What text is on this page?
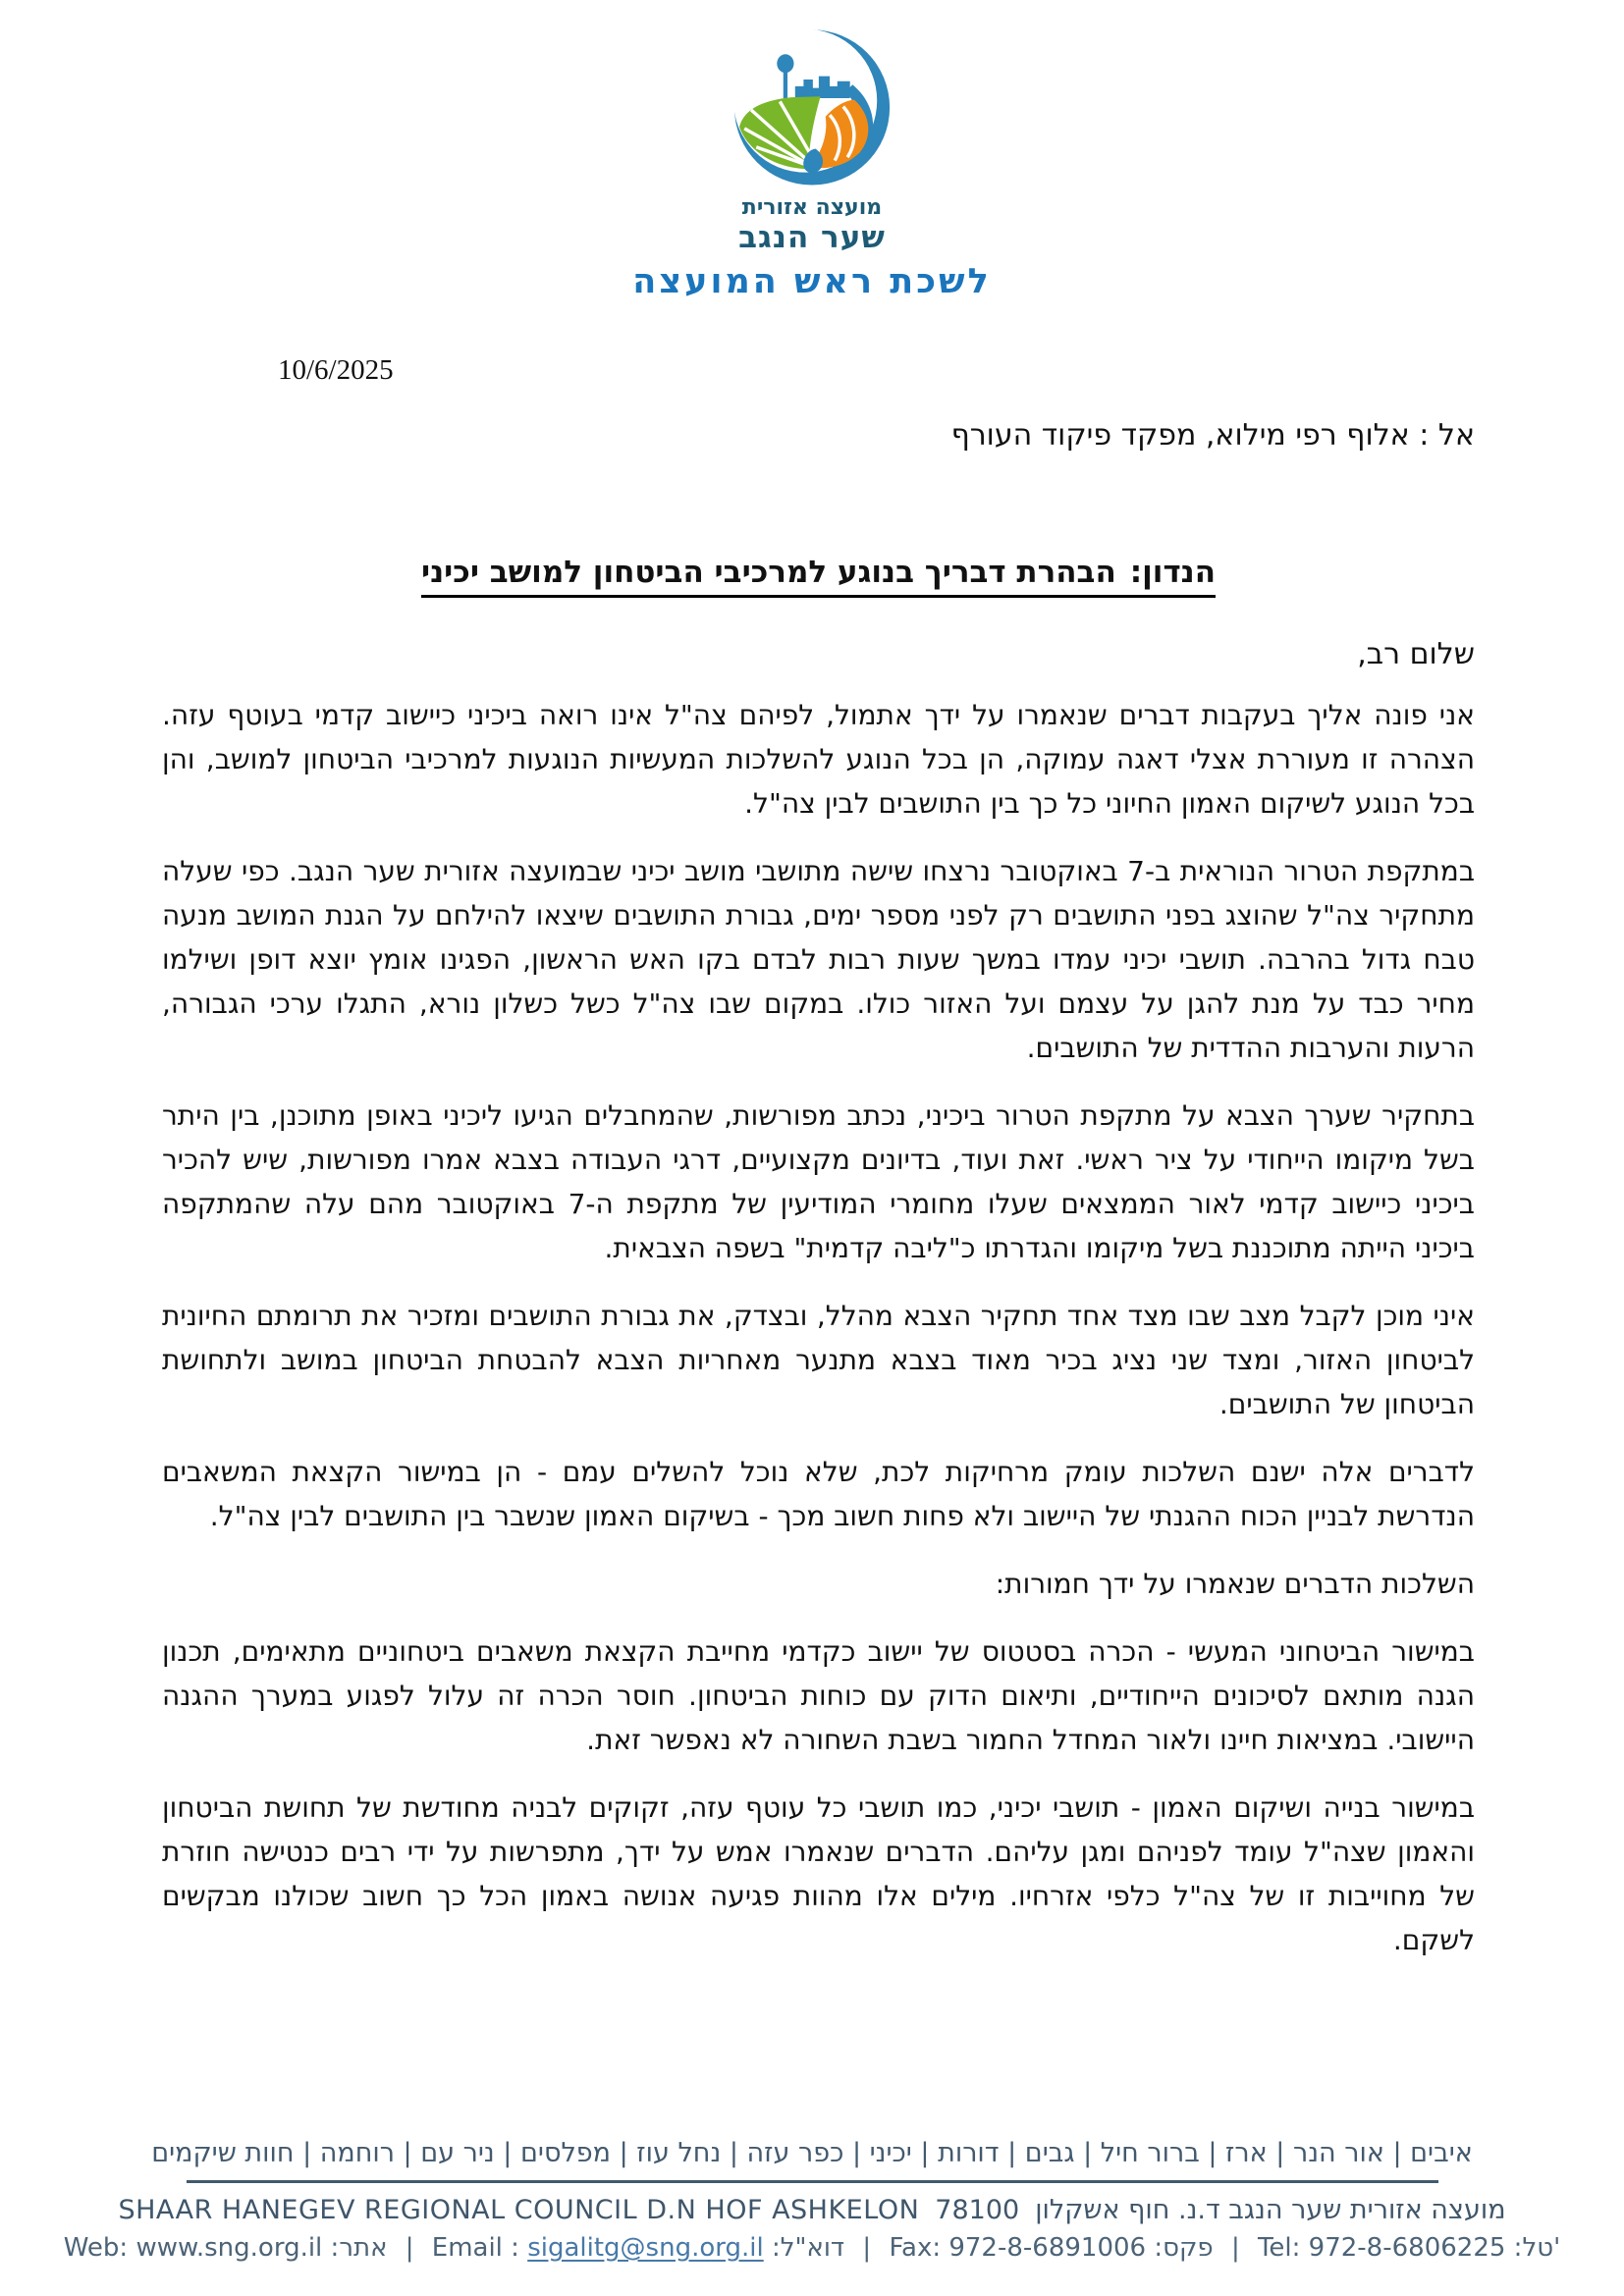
מועצה אזורית
שער הנגב
לשכת ראש המועצה
10/6/2025
אל : אלוף רפי מילוא, מפקד פיקוד העורף
הנדון:
הבהרת דבריך בנוגע למרכיבי הביטחון למושב יכיני
שלום רב,

אני פונה אליך בעקבות דברים שנאמרו על ידך אתמול, לפיהם צה"ל אינו רואה ביכיני כיישוב קדמי בעוטף עזה. הצהרה זו מעוררת אצלי דאגה עמוקה, הן בכל הנוגע להשלכות המעשיות הנוגעות למרכיבי הביטחון למושב, והן בכל הנוגע לשיקום האמון החיוני כל כך בין התושבים לבין צה"ל.

במתקפת הטרור הנוראית ב-7 באוקטובר נרצחו שישה מתושבי מושב יכיני שבמועצה אזורית שער הנגב. כפי שעלה מתחקיר צה"ל שהוצג בפני התושבים רק לפני מספר ימים, גבורת התושבים שיצאו להילחם על הגנת המושב מנעה טבח גדול בהרבה. תושבי יכיני עמדו במשך שעות רבות לבדם בקו האש הראשון, הפגינו אומץ יוצא דופן ושילמו מחיר כבד על מנת להגן על עצמם ועל האזור כולו. במקום שבו צה"ל כשל כשלון נורא, התגלו ערכי הגבורה, הרעות והערבות ההדדית של התושבים.

בתחקיר שערך הצבא על מתקפת הטרור ביכיני, נכתב מפורשות, שהמחבלים הגיעו ליכיני באופן מתוכנן, בין היתר בשל מיקומו הייחודי על ציר ראשי. זאת ועוד, בדיונים מקצועיים, דרגי העבודה בצבא אמרו מפורשות, שיש להכיר ביכיני כיישוב קדמי לאור הממצאים שעלו מחומרי המודיעין של מתקפת ה-7 באוקטובר מהם עלה שהמתקפה ביכיני הייתה מתוכננת בשל מיקומו והגדרתו כ"ליבה קדמית" בשפה הצבאית.

איני מוכן לקבל מצב שבו מצד אחד תחקיר הצבא מהלל, ובצדק, את גבורת התושבים ומזכיר את תרומתם החיונית לביטחון האזור, ומצד שני נציג בכיר מאוד בצבא מתנער מאחריות הצבא להבטחת הביטחון במושב ולתחושת הביטחון של התושבים.

לדברים אלה ישנם השלכות עומק מרחיקות לכת, שלא נוכל להשלים עמם - הן במישור הקצאת המשאבים הנדרשת לבניין הכוח ההגנתי של היישוב ולא פחות חשוב מכך - בשיקום האמון שנשבר בין התושבים לבין צה"ל.

השלכות הדברים שנאמרו על ידך חמורות:

במישור הביטחוני המעשי - הכרה בסטטוס של יישוב כקדמי מחייבת הקצאת משאבים ביטחוניים מתאימים, תכנון הגנה מותאם לסיכונים הייחודיים, ותיאום הדוק עם כוחות הביטחון. חוסר הכרה זה עלול לפגוע במערך ההגנה היישובי. במציאות חיינו ולאור המחדל החמור בשבת השחורה לא נאפשר זאת.

במישור בנייה ושיקום האמון - תושבי יכיני, כמו תושבי כל עוטף עזה, זקוקים לבניה מחודשת של תחושת הביטחון והאמון שצה"ל עומד לפניהם ומגן עליהם. הדברים שנאמרו אמש על ידך, מתפרשות על ידי רבים כנטישה חוזרת של מחוייבות זו של צה"ל כלפי אזרחיו. מילים אלו מהוות פגיעה אנושה באמון הכל כך חשוב שכולנו מבקשים לשקם.

איבים | אור הנר | ארז | ברור חיל | גבים | דורות | יכיני | כפר עזה | נחל עוז | מפלסים | ניר עם | רוחמה | חוות שיקמים
SHAAR HANEGEV REGIONAL COUNCIL D.N HOF ASHKELON 78100 מועצה אזורית שער הנגב ד.נ. חוף אשקלון
Web: www.sng.org.il :אתר | Email : sigalitg@sng.org.il :דוא"ל | Fax: 972-8-6891006 :פקס | Tel: 972-8-6806225 :טל'
